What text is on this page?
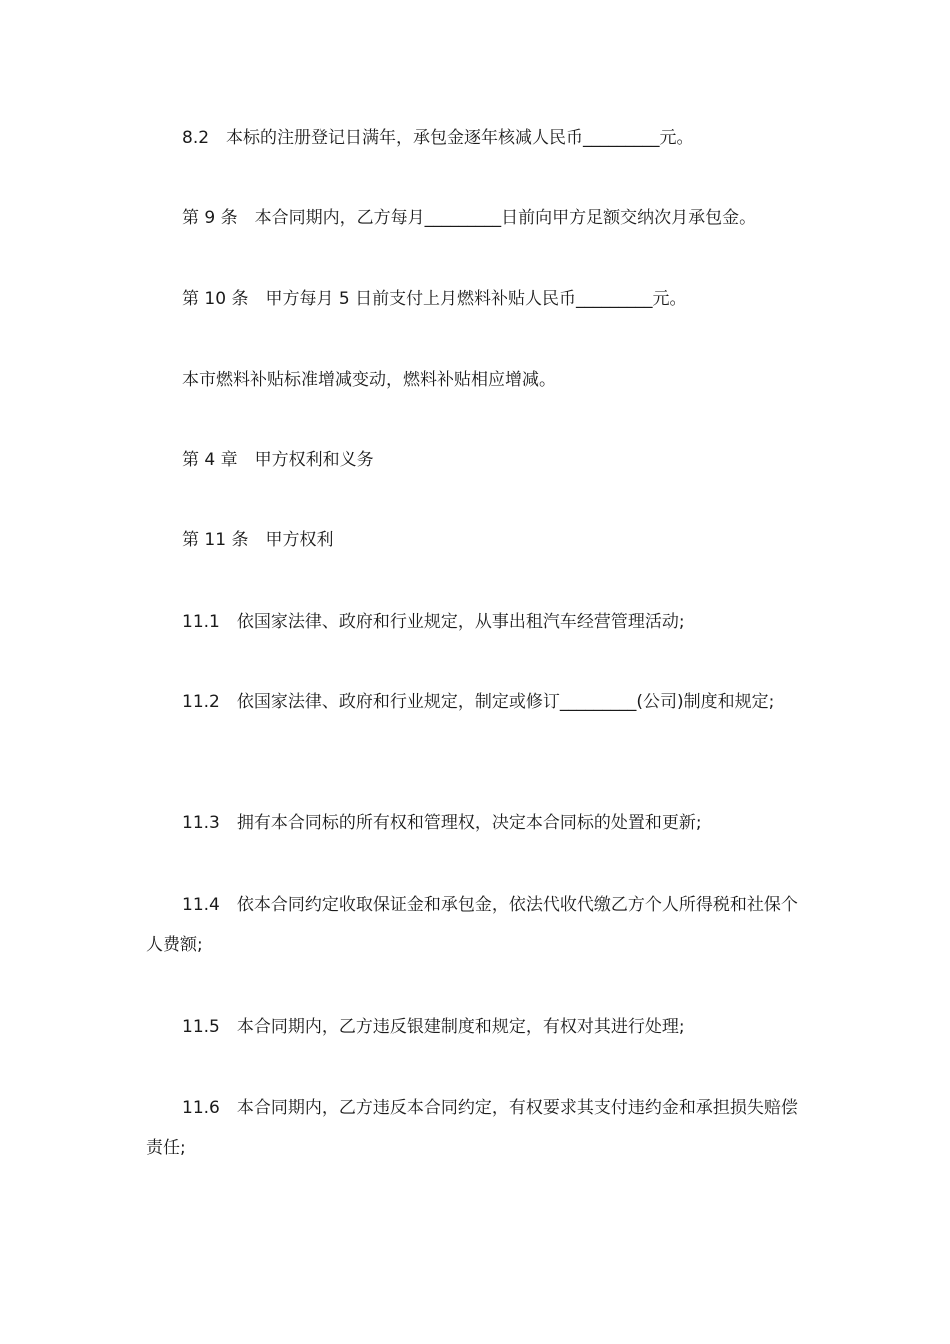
8.2　本标的注册登记日满年，承包金逐年核减人民币_________元。

第 9 条　本合同期内，乙方每月_________日前向甲方足额交纳次月承包金。

第 10 条　甲方每月 5 日前支付上月燃料补贴人民币_________元。

本市燃料补贴标准增减变动，燃料补贴相应增减。

第 4 章　甲方权利和义务

第 11 条　甲方权利

11.1　依国家法律、政府和行业规定，从事出租汽车经营管理活动;

11.2　依国家法律、政府和行业规定，制定或修订_________(公司)制度和规定;

11.3　拥有本合同标的所有权和管理权，决定本合同标的处置和更新;

11.4　依本合同约定收取保证金和承包金，依法代收代缴乙方个人所得税和社保个人费额;

11.5　本合同期内，乙方违反银建制度和规定，有权对其进行处理;

11.6　本合同期内，乙方违反本合同约定，有权要求其支付违约金和承担损失赔偿责任;
